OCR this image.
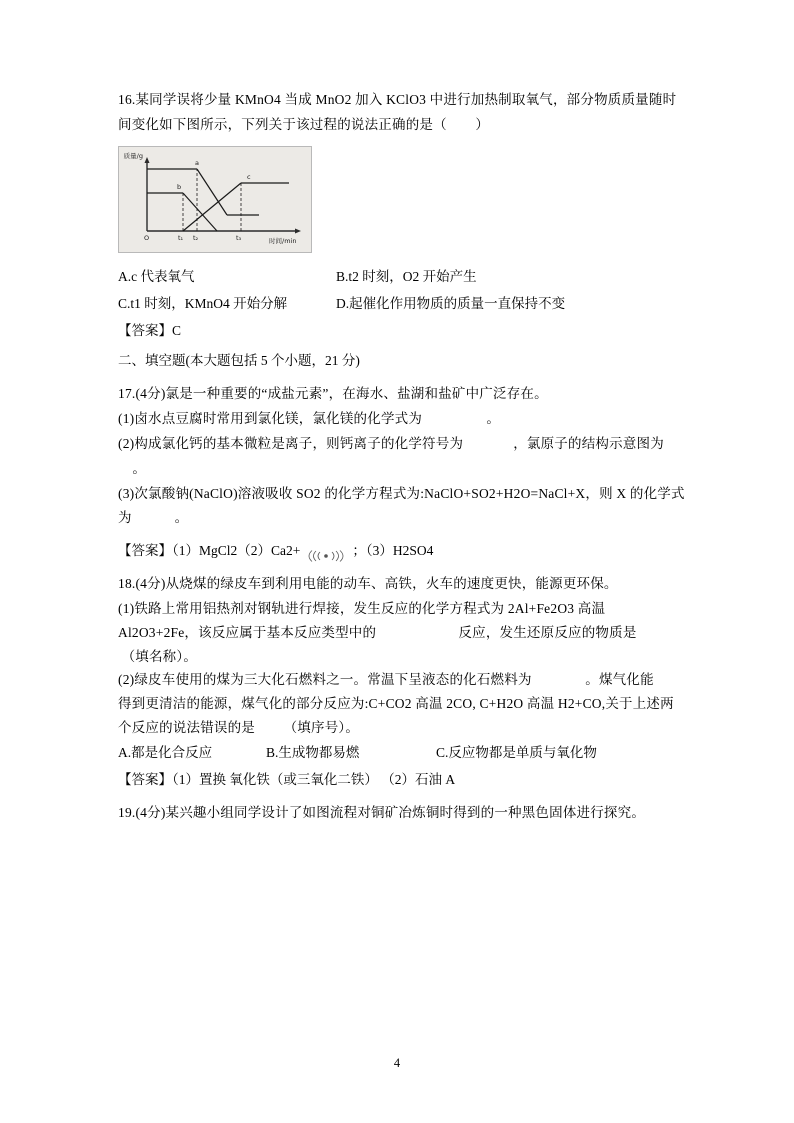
16.某同学误将少量 KMnO4 当成 MnO2 加入 KClO3 中进行加热制取氧气，部分物质质量随时
间变化如下图所示，下列关于该过程的说法正确的是（        ）
质量/g
时间/min
a
b
c
O	t₁ t₂	t₃
A.c 代表氧气	B.t2 时刻，O2 开始产生
C.t1 时刻，KMnO4 开始分解	D.起催化作用物质的质量一直保持不变
【答案】C
二、填空题(本大题包括 5 个小题，21 分)
17.(4分)氯是一种重要的“成盐元素”，在海水、盐湖和盐矿中广泛存在。
(1)卤水点豆腐时常用到氯化镁，氯化镁的化学式为                  。
(2)构成氯化钙的基本微粒是离子，则钙离子的化学符号为              ，氯原子的结构示意图为
。
(3)次氯酸钠(NaClO)溶液吸收 SO2 的化学方程式为:NaClO+SO2+H2O=NaCl+X，则 X 的化学式
为            。
【答案】（1）MgCl2（2）Ca2+	；（3）H2SO4
18.(4分)从烧煤的绿皮车到利用电能的动车、高铁，火车的速度更快，能源更环保。
(1)铁路上常用铝热剂对钢轨进行焊接，发生反应的化学方程式为 2Al+Fe2O3 高温
Al2O3+2Fe，该反应属于基本反应类型中的                       反应，发生还原反应的物质是
（填名称）。
(2)绿皮车使用的煤为三大化石燃料之一。常温下呈液态的化石燃料为               。煤气化能
得到更清洁的能源，煤气化的部分反应为:C+CO2 高温 2CO, C+H2O 高温 H2+CO,关于上述两
个反应的说法错误的是        （填序号）。
A.都是化合反应	B.生成物都易燃	C.反应物都是单质与氧化物
【答案】（1）置换 氧化铁（或三氧化二铁） （2）石油 A
19.(4分)某兴趣小组同学设计了如图流程对铜矿冶炼铜时得到的一种黑色固体进行探究。
4
